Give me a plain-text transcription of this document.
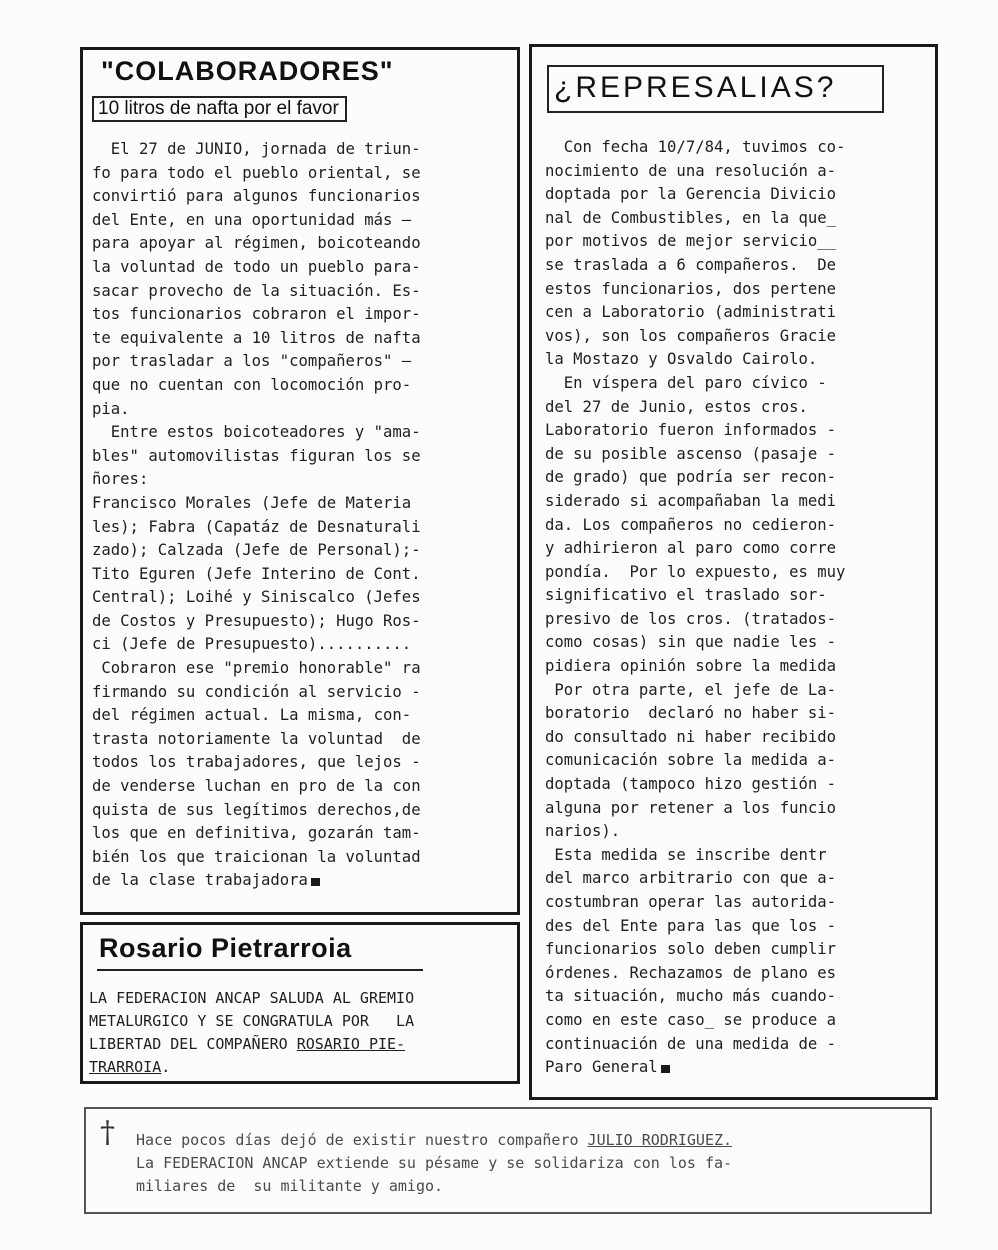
"COLABORADORES"
10 litros de nafta por el favor
El 27 de JUNIO, jornada de triun-
fo para todo el pueblo oriental, se
convirtió para algunos funcionarios
del Ente, en una oportunidad más —
para apoyar al régimen, boicoteando
la voluntad de todo un pueblo para-
sacar provecho de la situación. Es-
tos funcionarios cobraron el impor-
te equivalente a 10 litros de nafta
por trasladar a los "compañeros" —
que no cuentan con locomoción pro-
pia.
Entre estos boicoteadores y "ama-
bles" automovilistas figuran los se
ñores:
Francisco Morales (Jefe de Materia
les); Fabra (Capatáz de Desnaturali
zado); Calzada (Jefe de Personal);-
Tito Eguren (Jefe Interino de Cont.
Central); Loihé y Siniscalco (Jefes
de Costos y Presupuesto); Hugo Ros-
ci (Jefe de Presupuesto)..........
Cobraron ese "premio honorable" ra
firmando su condición al servicio -
del régimen actual. La misma, con-
trasta notoriamente la voluntad  de
todos los trabajadores, que lejos -
de venderse luchan en pro de la con
quista de sus legítimos derechos,de
los que en definitiva, gozarán tam-
bién los que traicionan la voluntad
de la clase trabajadora
Rosario Pietrarroia
LA FEDERACION ANCAP SALUDA AL GREMIO
METALURGICO Y SE CONGRATULA POR   LA
LIBERTAD DEL COMPAÑERO ROSARIO PIE-
TRARROIA.
¿REPRESALIAS?
Con fecha 10/7/84, tuvimos co-
nocimiento de una resolución a-
doptada por la Gerencia Divicio
nal de Combustibles, en la que_
por motivos de mejor servicio__
se traslada a 6 compañeros.  De
estos funcionarios, dos pertene
cen a Laboratorio (administrati
vos), son los compañeros Gracie
la Mostazo y Osvaldo Cairolo.
En víspera del paro cívico -
del 27 de Junio, estos cros.
Laboratorio fueron informados -
de su posible ascenso (pasaje -
de grado) que podría ser recon-
siderado si acompañaban la medi
da. Los compañeros no cedieron-
y adhirieron al paro como corre
pondía.  Por lo expuesto, es muy
significativo el traslado sor-
presivo de los cros. (tratados-
como cosas) sin que nadie les -
pidiera opinión sobre la medida
Por otra parte, el jefe de La-
boratorio  declaró no haber si-
do consultado ni haber recibido
comunicación sobre la medida a-
doptada (tampoco hizo gestión -
alguna por retener a los funcio
narios).
Esta medida se inscribe dentr
del marco arbitrario con que a-
costumbran operar las autorida-
des del Ente para las que los -
funcionarios solo deben cumplir
órdenes. Rechazamos de plano es
ta situación, mucho más cuando-
como en este caso_ se produce a
continuación de una medida de -
Paro General
† Hace pocos días dejó de existir nuestro compañero JULIO RODRIGUEZ.
La FEDERACION ANCAP extiende su pésame y se solidariza con los fa-
miliares de  su militante y amigo.
